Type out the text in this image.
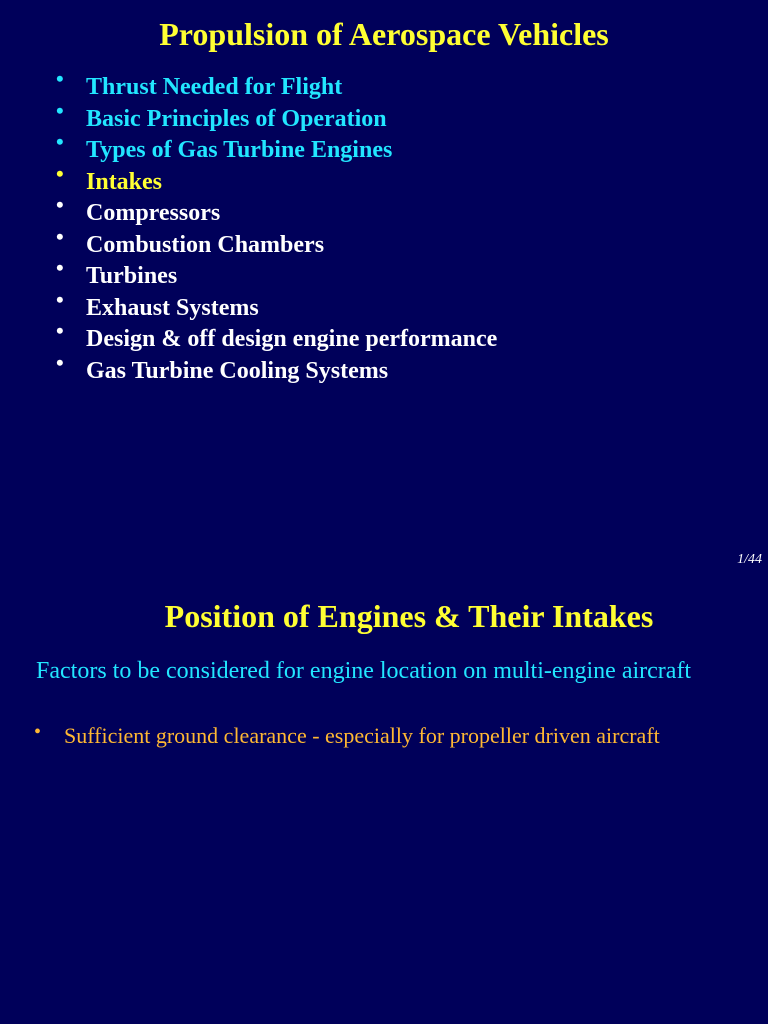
Propulsion of Aerospace Vehicles
• Thrust Needed for Flight
• Basic Principles of Operation
• Types of Gas Turbine Engines
• Intakes
• Compressors
• Combustion Chambers
• Turbines
• Exhaust Systems
• Design & off design engine performance
• Gas Turbine Cooling Systems
1/44
Position of Engines & Their Intakes
Factors to be considered for engine location on multi-engine aircraft
• Sufficient ground clearance - especially for propeller driven aircraft
